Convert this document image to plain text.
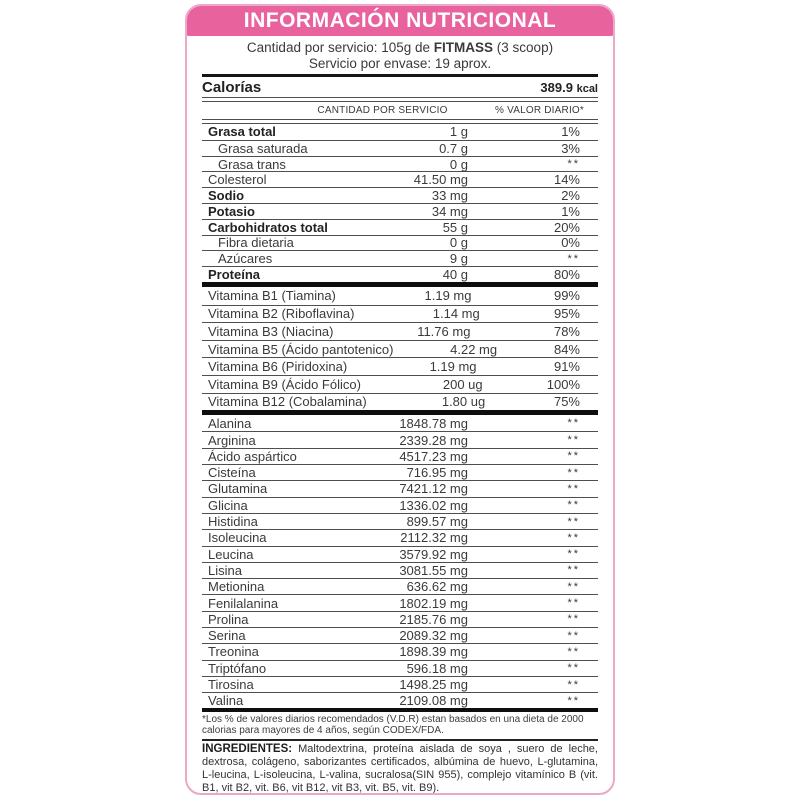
INFORMACIÓN NUTRICIONAL
Cantidad por servicio: 105g de FITMASS (3 scoop)
Servicio por envase: 19 aprox.
Calorías	389.9 kcal
CANTIDAD POR SERVICIO	% VALOR DIARIO*
Grasa total	1 g	1%
Grasa saturada	0.7 g	3%
Grasa trans	0 g	**
Colesterol	41.50 mg	14%
Sodio	33 mg	2%
Potasio	34 mg	1%
Carbohidratos total	55 g	20%
Fibra dietaria	0 g	0%
Azúcares	9 g	**
Proteína	40 g	80%
Vitamina B1 (Tiamina)	1.19 mg	99%
Vitamina B2 (Riboflavina)	1.14 mg	95%
Vitamina B3 (Niacina)	11.76 mg	78%
Vitamina B5 (Ácido pantotenico)	4.22 mg	84%
Vitamina B6 (Piridoxina)	1.19 mg	91%
Vitamina B9 (Ácido Fólico)	200 ug	100%
Vitamina B12 (Cobalamina)	1.80 ug	75%
Alanina	1848.78 mg	**
Arginina	2339.28 mg	**
Ácido aspártico	4517.23 mg	**
Cisteína	716.95 mg	**
Glutamina	7421.12 mg	**
Glicina	1336.02 mg	**
Histidina	899.57 mg	**
Isoleucina	2112.32 mg	**
Leucina	3579.92 mg	**
Lisina	3081.55 mg	**
Metionina	636.62 mg	**
Fenilalanina	1802.19 mg	**
Prolina	2185.76 mg	**
Serina	2089.32 mg	**
Treonina	1898.39 mg	**
Triptófano	596.18 mg	**
Tirosina	1498.25 mg	**
Valina	2109.08 mg	**
*Los % de valores diarios recomendados (V.D.R) estan basados en una dieta de 2000 calorias para mayores de 4 años, según CODEX/FDA.

INGREDIENTES: Maltodextrina, proteína aislada de soya , suero de leche, dextrosa, colágeno, saborizantes certificados, albúmina de huevo, L-glutamina, L-leucina, L-isoleucina, L-valina, sucralosa(SIN 955), complejo vitamínico B (vit. B1, vit B2, vit. B6, vit B12, vit B3, vit. B5, vit. B9).
